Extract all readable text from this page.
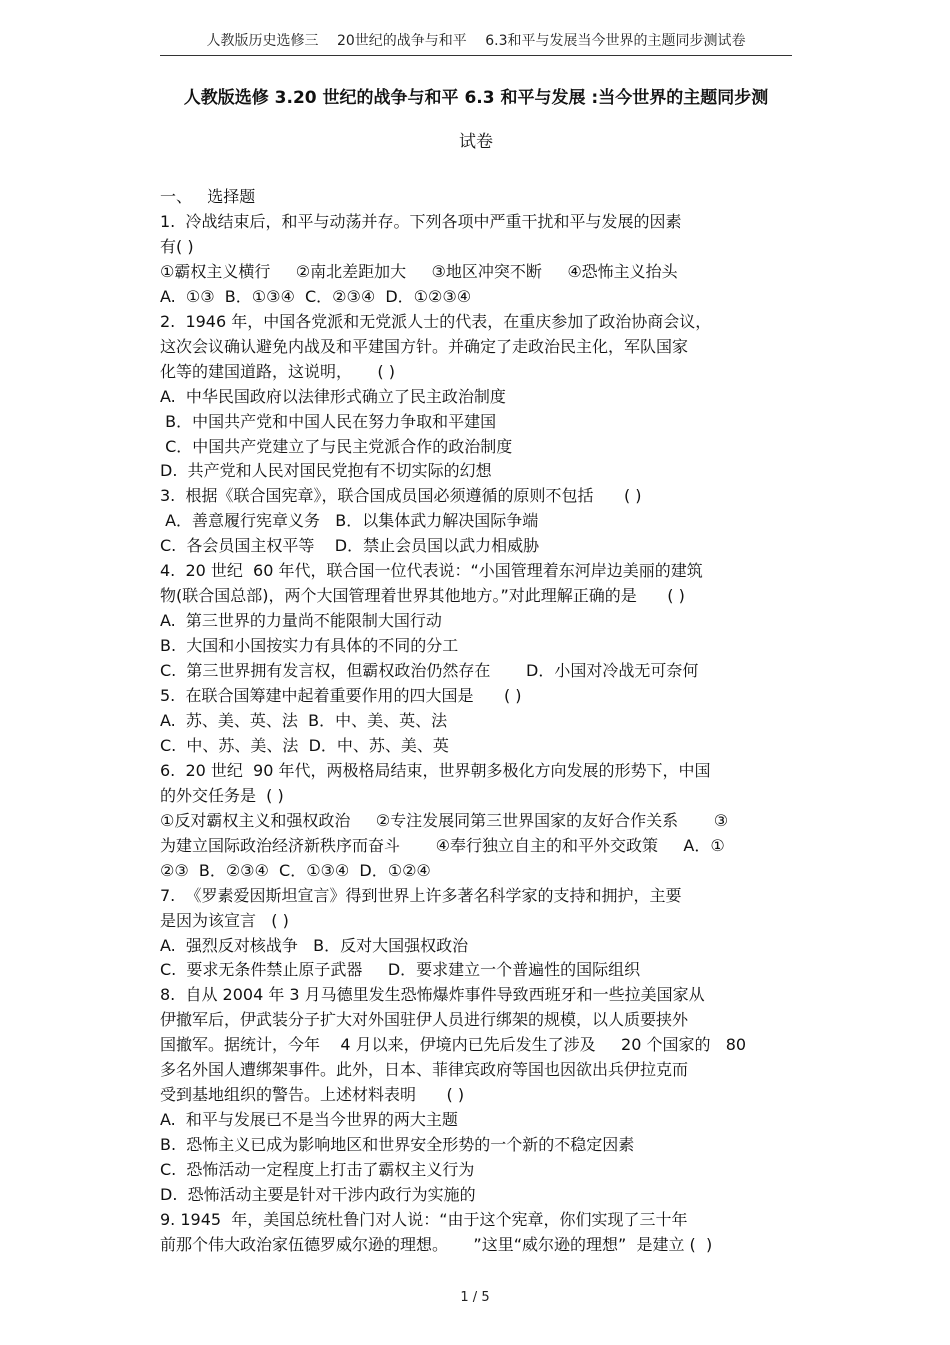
人教版历史选修三　 20世纪的战争与和平　 6.3和平与发展当今世界的主题同步测试卷
人教版选修 3.20 世纪的战争与和平 6.3 和平与发展 :当今世界的主题同步测
试卷
一、   选择题
1.  冷战结束后，和平与动荡并存。下列各项中严重干扰和平与发展的因素
有( )
①霸权主义横行     ②南北差距加大     ③地区冲突不断     ④恐怖主义抬头
A.  ①③  B．①③④  C．②③④  D．①②③④
2.  1946 年，中国各党派和无党派人士的代表，在重庆参加了政治协商会议，
这次会议确认避免内战及和平建国方针。并确定了走政治民主化，军队国家
化等的建国道路，这说明，     ( )
A.  中华民国政府以法律形式确立了民主政治制度
B．中国共产党和中国人民在努力争取和平建国
C．中国共产党建立了与民主党派合作的政治制度
D.  共产党和人民对国民党抱有不切实际的幻想
3.  根据《联合国宪章》，联合国成员国必须遵循的原则不包括      ( )
A．善意履行宪章义务   B．以集体武力解决国际争端
C.  各会员国主权平等    D．禁止会员国以武力相威胁
4.  20 世纪  60 年代，联合国一位代表说：“小国管理着东河岸边美丽的建筑
物(联合国总部)，两个大国管理着世界其他地方。”对此理解正确的是      ( )
A.  第三世界的力量尚不能限制大国行动
B.  大国和小国按实力有具体的不同的分工
C.  第三世界拥有发言权，但霸权政治仍然存在       D．小国对冷战无可奈何
5.  在联合国筹建中起着重要作用的四大国是      ( )
A.  苏、美、英、法  B．中、美、英、法
C.  中、苏、美、法  D．中、苏、美、英
6.  20 世纪  90 年代，两极格局结束，世界朝多极化方向发展的形势下，中国
的外交任务是  ( )
①反对霸权主义和强权政治     ②专注发展同第三世界国家的友好合作关系       ③
为建立国际政治经济新秩序而奋斗       ④奉行独立自主的和平外交政策     A．①
②③  B．②③④  C．①③④  D．①②④
7.  《罗素爱因斯坦宣言》得到世界上许多著名科学家的支持和拥护，主要
是因为该宣言   ( )
A.  强烈反对核战争   B．反对大国强权政治
C.  要求无条件禁止原子武器     D．要求建立一个普遍性的国际组织
8.  自从 2004 年 3 月马德里发生恐怖爆炸事件导致西班牙和一些拉美国家从
伊撤军后，伊武装分子扩大对外国驻伊人员进行绑架的规模，以人质要挟外
国撤军。据统计，今年    4 月以来，伊境内已先后发生了涉及     20 个国家的   80
多名外国人遭绑架事件。此外，日本、菲律宾政府等国也因欲出兵伊拉克而
受到基地组织的警告。上述材料表明      ( )
A.  和平与发展已不是当今世界的两大主题
B.  恐怖主义已成为影响地区和世界安全形势的一个新的不稳定因素
C.  恐怖活动一定程度上打击了霸权主义行为
D.  恐怖活动主要是针对干涉内政行为实施的
9. 1945  年，美国总统杜鲁门对人说：“由于这个宪章，你们实现了三十年
前那个伟大政治家伍德罗威尔逊的理想。     ”这里“威尔逊的理想”  是建立 (  )
1 / 5
